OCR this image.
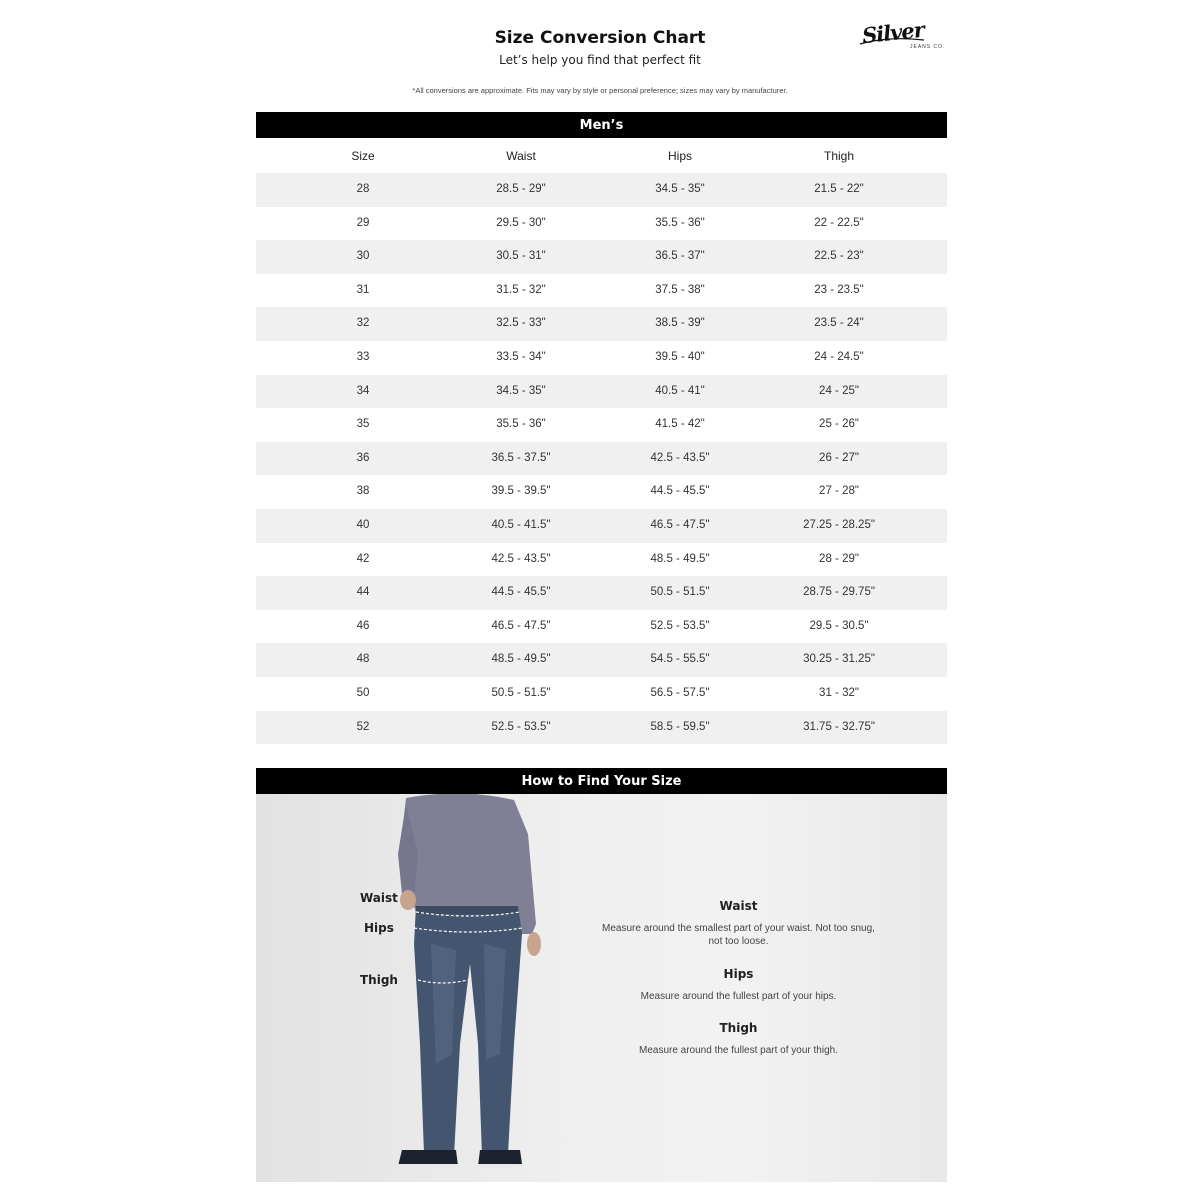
Size Conversion Chart
Let’s help you find that perfect fit
Silver
JEANS CO.
*All conversions are approximate. Fits may vary by style or personal preference; sizes may vary by manufacturer.
Men’s
Size	Waist	Hips	Thigh
28	28.5 - 29"	34.5 - 35"	21.5 - 22"
29	29.5 - 30"	35.5 - 36"	22 - 22.5"
30	30.5 - 31"	36.5 - 37"	22.5 - 23"
31	31.5 - 32"	37.5 - 38"	23 - 23.5"
32	32.5 - 33"	38.5 - 39"	23.5 - 24"
33	33.5 - 34"	39.5 - 40"	24 - 24.5"
34	34.5 - 35"	40.5 - 41"	24 - 25"
35	35.5 - 36"	41.5 - 42"	25 - 26"
36	36.5 - 37.5"	42.5 - 43.5"	26 - 27"
38	39.5 - 39.5"	44.5 - 45.5"	27 - 28"
40	40.5 - 41.5"	46.5 - 47.5"	27.25 - 28.25"
42	42.5 - 43.5"	48.5 - 49.5"	28 - 29"
44	44.5 - 45.5"	50.5 - 51.5"	28.75 - 29.75"
46	46.5 - 47.5"	52.5 - 53.5"	29.5 - 30.5"
48	48.5 - 49.5"	54.5 - 55.5"	30.25 - 31.25"
50	50.5 - 51.5"	56.5 - 57.5"	31 - 32"
52	52.5 - 53.5"	58.5 - 59.5"	31.75 - 32.75"
How to Find Your Size
Waist
Hips
Thigh
Waist
Measure around the smallest part of your waist. Not too snug, not too loose.
Hips
Measure around the fullest part of your hips.
Thigh
Measure around the fullest part of your thigh.
